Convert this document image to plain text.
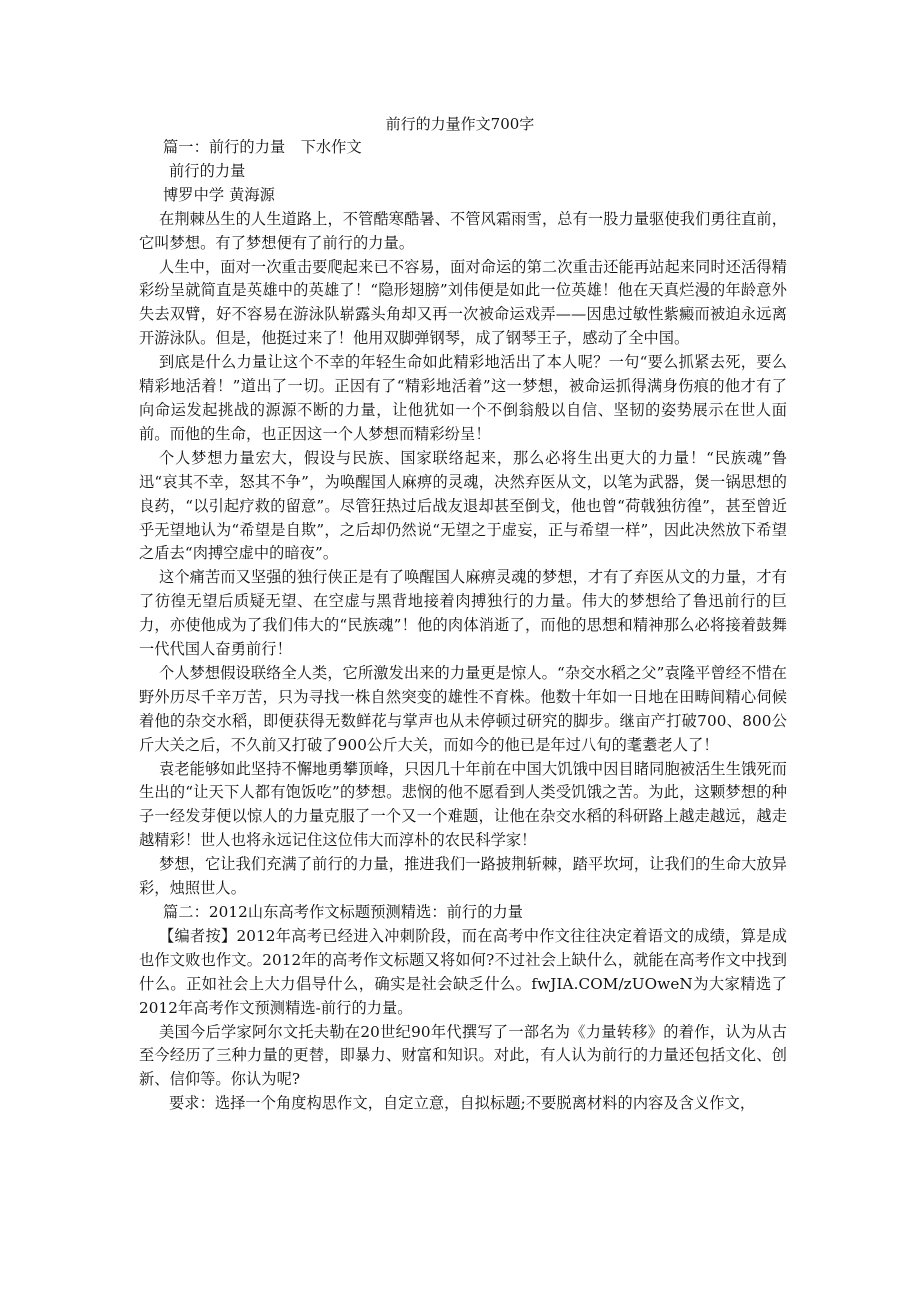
前行的力量作文700字

篇一：前行的力量　下水作文

前行的力量

博罗中学 黄海源

在荆棘丛生的人生道路上，不管酷寒酷暑、不管风霜雨雪，总有一股力量驱使我们勇往直前，它叫梦想。有了梦想便有了前行的力量。

人生中，面对一次重击要爬起来已不容易，面对命运的第二次重击还能再站起来同时还活得精彩纷呈就简直是英雄中的英雄了！“隐形翅膀”刘伟便是如此一位英雄！他在天真烂漫的年龄意外失去双臂，好不容易在游泳队崭露头角却又再一次被命运戏弄——因患过敏性紫癜而被迫永远离开游泳队。但是，他挺过来了！他用双脚弹钢琴，成了钢琴王子，感动了全中国。

到底是什么力量让这个不幸的年轻生命如此精彩地活出了本人呢？一句“要么抓紧去死，要么精彩地活着！”道出了一切。正因有了“精彩地活着”这一梦想，被命运抓得满身伤痕的他才有了向命运发起挑战的源源不断的力量，让他犹如一个不倒翁般以自信、坚韧的姿势展示在世人面前。而他的生命，也正因这一个人梦想而精彩纷呈！

个人梦想力量宏大，假设与民族、国家联络起来，那么必将生出更大的力量！“民族魂”鲁迅“哀其不幸，怒其不争”，为唤醒国人麻痹的灵魂，决然弃医从文，以笔为武器，煲一锅思想的良药，“以引起疗救的留意”。尽管狂热过后战友退却甚至倒戈，他也曾“荷戟独彷徨”，甚至曾近乎无望地认为“希望是自欺”，之后却仍然说“无望之于虚妄，正与希望一样”，因此决然放下希望之盾去“肉搏空虚中的暗夜”。

这个痛苦而又坚强的独行侠正是有了唤醒国人麻痹灵魂的梦想，才有了弃医从文的力量，才有了彷徨无望后质疑无望、在空虚与黑背地接着肉搏独行的力量。伟大的梦想给了鲁迅前行的巨力，亦使他成为了我们伟大的“民族魂”！他的肉体消逝了，而他的思想和精神那么必将接着鼓舞一代代国人奋勇前行！

个人梦想假设联络全人类，它所激发出来的力量更是惊人。“杂交水稻之父”袁隆平曾经不惜在野外历尽千辛万苦，只为寻找一株自然突变的雄性不育株。他数十年如一日地在田畴间精心伺候着他的杂交水稻，即便获得无数鲜花与掌声也从未停顿过研究的脚步。继亩产打破700、800公斤大关之后，不久前又打破了900公斤大关，而如今的他已是年过八旬的耄耋老人了！

袁老能够如此坚持不懈地勇攀顶峰，只因几十年前在中国大饥饿中因目睹同胞被活生生饿死而生出的“让天下人都有饱饭吃”的梦想。悲悯的他不愿看到人类受饥饿之苦。为此，这颗梦想的种子一经发芽便以惊人的力量克服了一个又一个难题，让他在杂交水稻的科研路上越走越远，越走越精彩！世人也将永远记住这位伟大而淳朴的农民科学家！

梦想，它让我们充满了前行的力量，推进我们一路披荆斩棘，踏平坎坷，让我们的生命大放异彩，烛照世人。

篇二：2012山东高考作文标题预测精选：前行的力量

【编者按】2012年高考已经进入冲刺阶段，而在高考中作文往往决定着语文的成绩，算是成也作文败也作文。2012年的高考作文标题又将如何?不过社会上缺什么，就能在高考作文中找到什么。正如社会上大力倡导什么，确实是社会缺乏什么。fwJIA.COM/zUOweN为大家精选了2012年高考作文预测精选-前行的力量。

美国今后学家阿尔文托夫勒在20世纪90年代撰写了一部名为《力量转移》的着作，认为从古至今经历了三种力量的更替，即暴力、财富和知识。对此，有人认为前行的力量还包括文化、创新、信仰等。你认为呢?

要求：选择一个角度构思作文，自定立意，自拟标题;不要脱离材料的内容及含义作文，
